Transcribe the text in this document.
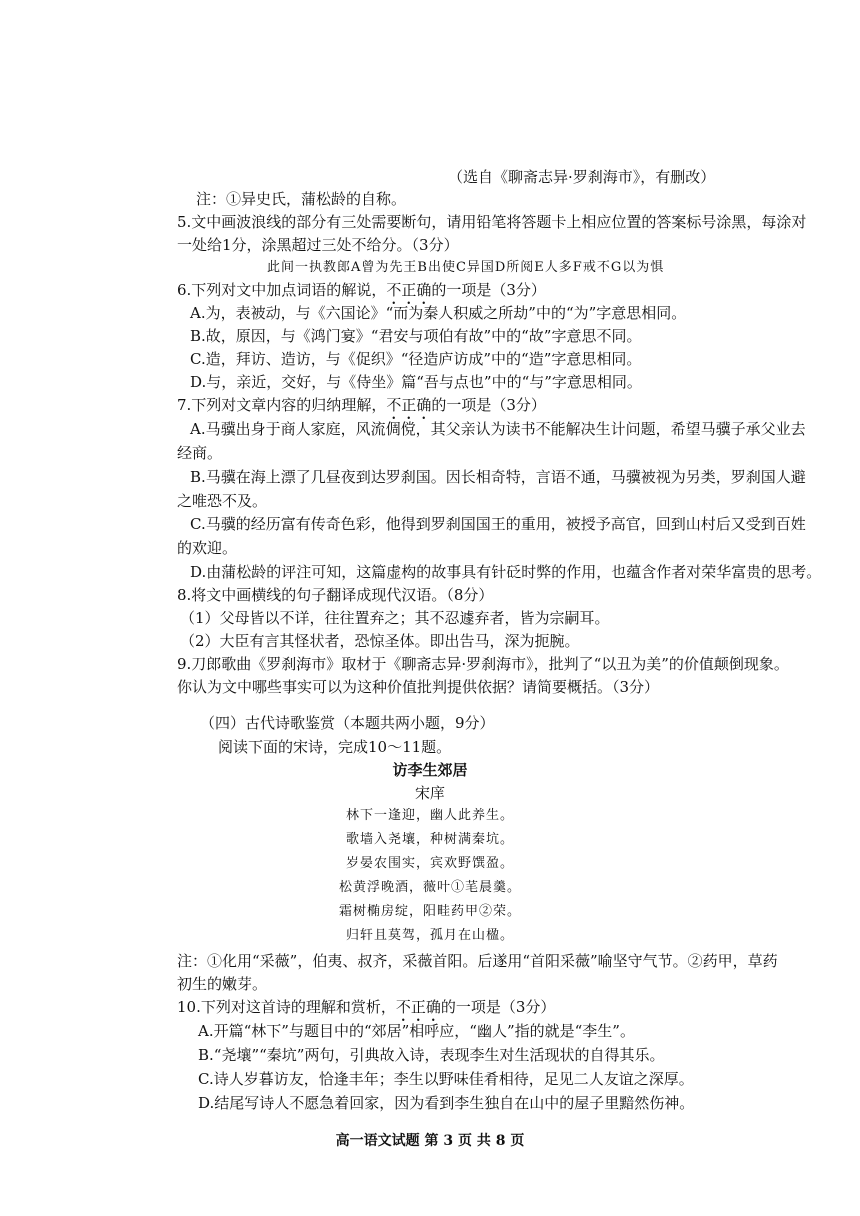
（选自《聊斋志异·罗刹海市》，有删改）
注：①异史氏，蒲松龄的自称。
5.文中画波浪线的部分有三处需要断句，请用铅笔将答题卡上相应位置的答案标号涂黑，每涂对
一处给1分，涂黑超过三处不给分。（3分）
此间一执教郎A曾为先王B出使C异国D所阅E人多F戒不G以为惧
6.下列对文中加点词语的解说，不正确的一项是（3分）
A.为，表被动，与《六国论》“而为秦人积威之所劫”中的“为”字意思相同。
B.故，原因，与《鸿门宴》“君安与项伯有故”中的“故”字意思不同。
C.造，拜访、造访，与《促织》“径造庐访成”中的“造”字意思相同。
D.与，亲近，交好，与《侍坐》篇“吾与点也”中的“与”字意思相同。
7.下列对文章内容的归纳理解，不正确的一项是（3分）
A.马骥出身于商人家庭，风流倜傥，其父亲认为读书不能解决生计问题，希望马骥子承父业去
经商。
B.马骥在海上漂了几昼夜到达罗刹国。因长相奇特，言语不通，马骥被视为另类，罗刹国人避
之唯恐不及。
C.马骥的经历富有传奇色彩，他得到罗刹国国王的重用，被授予高官，回到山村后又受到百姓
的欢迎。
D.由蒲松龄的评注可知，这篇虚构的故事具有针砭时弊的作用，也蕴含作者对荣华富贵的思考。
8.将文中画横线的句子翻译成现代汉语。（8分）
（1）父母皆以不详，往往置弃之；其不忍遽弃者，皆为宗嗣耳。
（2）大臣有言其怪状者，恐惊圣体。即出告马，深为扼腕。
9.刀郎歌曲《罗刹海市》取材于《聊斋志异·罗刹海市》，批判了“以丑为美”的价值颠倒现象。
你认为文中哪些事实可以为这种价值批判提供依据？请简要概括。（3分）
（四）古代诗歌鉴赏（本题共两小题，9分）
阅读下面的宋诗，完成10～11题。
访李生郊居
宋庠
林下一逢迎，幽人此养生。
歌墙入尧壤，种树满秦坑。
岁晏农围实，宾欢野馔盈。
松黄浮晚酒，薇叶①芼晨羹。
霜树椭房绽，阳畦药甲②荣。
归轩且莫驾，孤月在山楹。
注：①化用“采薇”，伯夷、叔齐，采薇首阳。后遂用“首阳采薇”喻坚守气节。②药甲，草药
初生的嫩芽。
10.下列对这首诗的理解和赏析，不正确的一项是（3分）
A.开篇“林下”与题目中的“郊居”相呼应，“幽人”指的就是“李生”。
B.“尧壤”“秦坑”两句，引典故入诗，表现李生对生活现状的自得其乐。
C.诗人岁暮访友，恰逢丰年；李生以野味佳肴相待，足见二人友谊之深厚。
D.结尾写诗人不愿急着回家，因为看到李生独自在山中的屋子里黯然伤神。
高一语文试题 第 3 页 共 8 页
